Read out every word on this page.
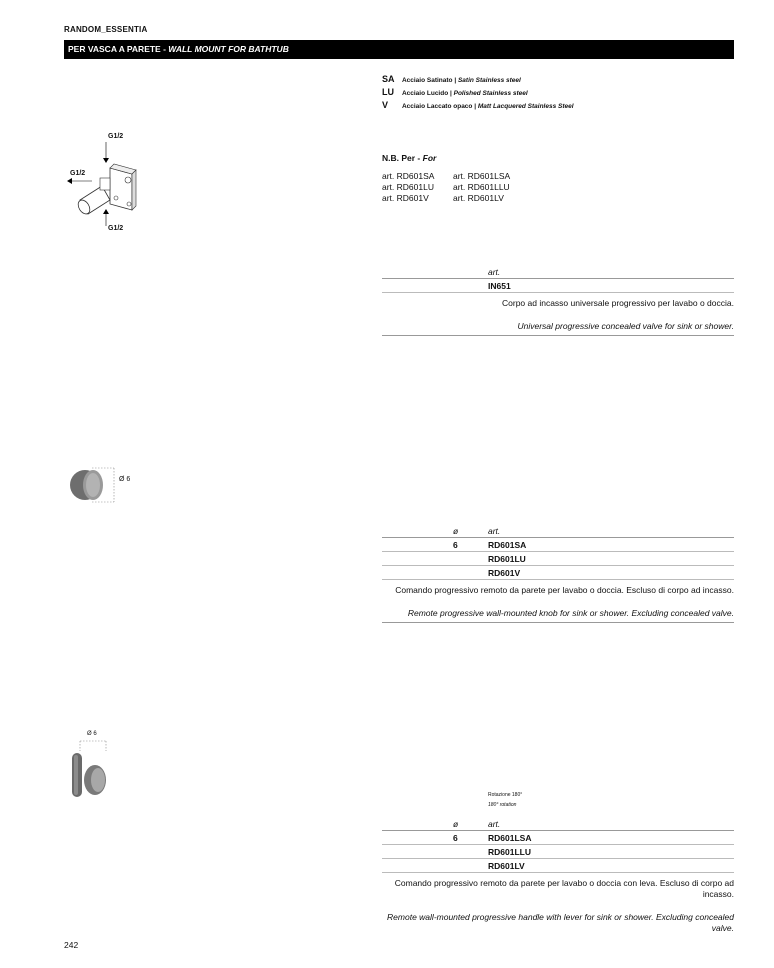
RANDOM_ESSENTIA
PER VASCA A PARETE - WALL MOUNT FOR BATHTUB
SA Acciaio Satinato | Satin Stainless steel
LU Acciaio Lucido | Polished Stainless steel
V Acciaio Laccato opaco | Matt Lacquered Stainless Steel
N.B. Per - For
art. RD601SA	art. RD601LSA
art. RD601LU	art. RD601LLU
art. RD601V	art. RD601LV
G1/2
G1/2
G1/2
art.
IN651
Corpo ad incasso universale progressivo per lavabo o doccia.
Universal progressive concealed valve for sink or shower.
Ø 6
ø	art.
6	RD601SA
RD601LU
RD601V
Comando progressivo remoto da parete per lavabo o doccia. Escluso di corpo ad incasso.
Remote progressive wall-mounted knob for sink or shower. Excluding concealed valve.
Ø 6
Rotazione 180°
180° rotation
ø	art.
6	RD601LSA
RD601LLU
RD601LV
Comando progressivo remoto da parete per lavabo o doccia con leva. Escluso di corpo ad incasso.
Remote wall-mounted progressive handle with lever for sink or shower. Excluding concealed valve.
242
